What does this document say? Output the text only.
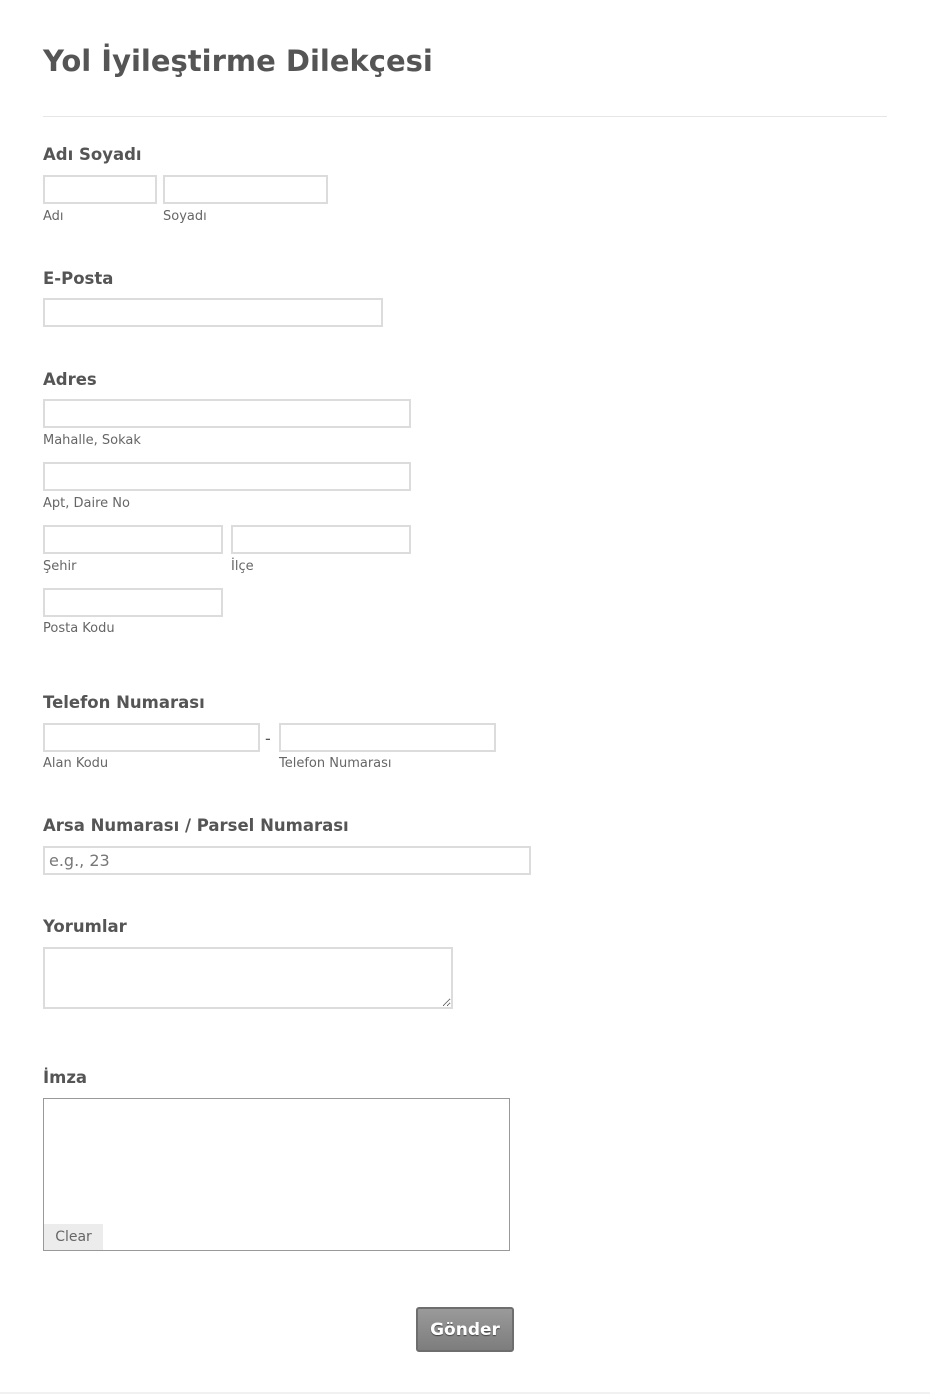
Yol İyileştirme Dilekçesi
Adı Soyadı
Adı	Soyadı
E-Posta
Adres
Mahalle, Sokak
Apt, Daire No
Şehir	İlçe
Posta Kodu
Telefon Numarası
-
Alan Kodu	Telefon Numarası
Arsa Numarası / Parsel Numarası
e.g., 23
Yorumlar
İmza
Clear
Gönder
